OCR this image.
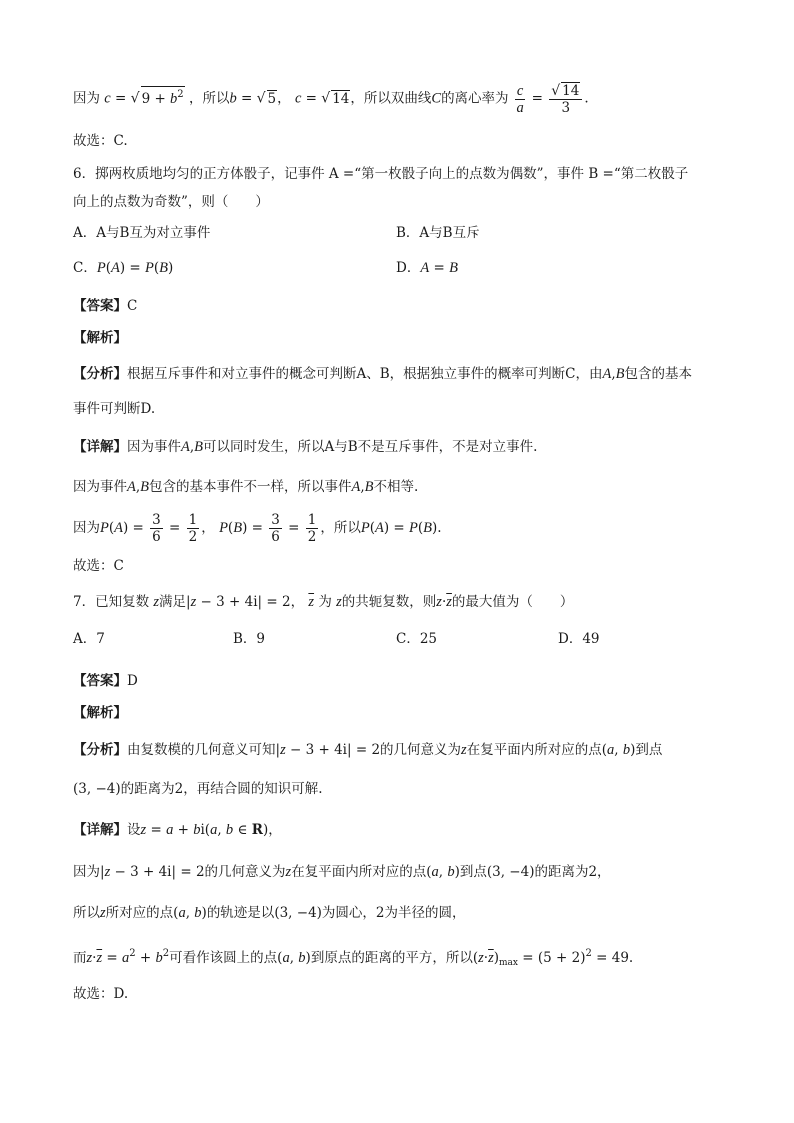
因为 c = √ $9 + b^2$ ，所以b = √ 5， c = √ 14，所以双曲线C的离心率为 $\frac{c}{a} = \frac{√ 14}{3}$ .
故选：C.
6．掷两枚质地均匀的正方体骰子，记事件 A =“第一枚骰子向上的点数为偶数”，事件 B =“第二枚骰子
向上的点数为奇数”，则（　　）
A．A与B互为对立事件	B．A与B互斥
C．P(A) = P(B)	D．A = B
【答案】C
【解析】
【分析】根据互斥事件和对立事件的概念可判断A、B，根据独立事件的概率可判断C，由A,B包含的基本
事件可判断D.
【详解】因为事件A,B可以同时发生，所以A与B不是互斥事件，不是对立事件.
因为事件A,B包含的基本事件不一样，所以事件A,B不相等.
因为$P(A) = \frac{3}{6} = \frac{1}{2}$ ， $P(B) = \frac{3}{6} = \frac{1}{2}$ ，所以P(A) = P(B).
故选：C
7．已知复数 z满足|z − 3 + 4i| = 2， $\overline{z}$ 为 z的共轭复数，则$z\cdot\overline{z}$的最大值为（　　）
A．7	B．9	C．25	D．49
【答案】D
【解析】
【分析】由复数模的几何意义可知|z − 3 + 4i| = 2的几何意义为z在复平面内所对应的点(a, b)到点
(3, −4)的距离为2，再结合圆的知识可解.
【详解】设z = a + bi(a, b ∈ R)，
因为|z − 3 + 4i| = 2的几何意义为z在复平面内所对应的点(a, b)到点(3, −4)的距离为2，
所以z所对应的点(a, b)的轨迹是以(3, −4)为圆心，2为半径的圆，
而$z\cdot\overline{z} = a^2 + b^2$可看作该圆上的点(a, b)到原点的距离的平方，所以$(z\cdot\overline{z})_{max} = (5 + 2)^2 = 49$.
故选：D.
